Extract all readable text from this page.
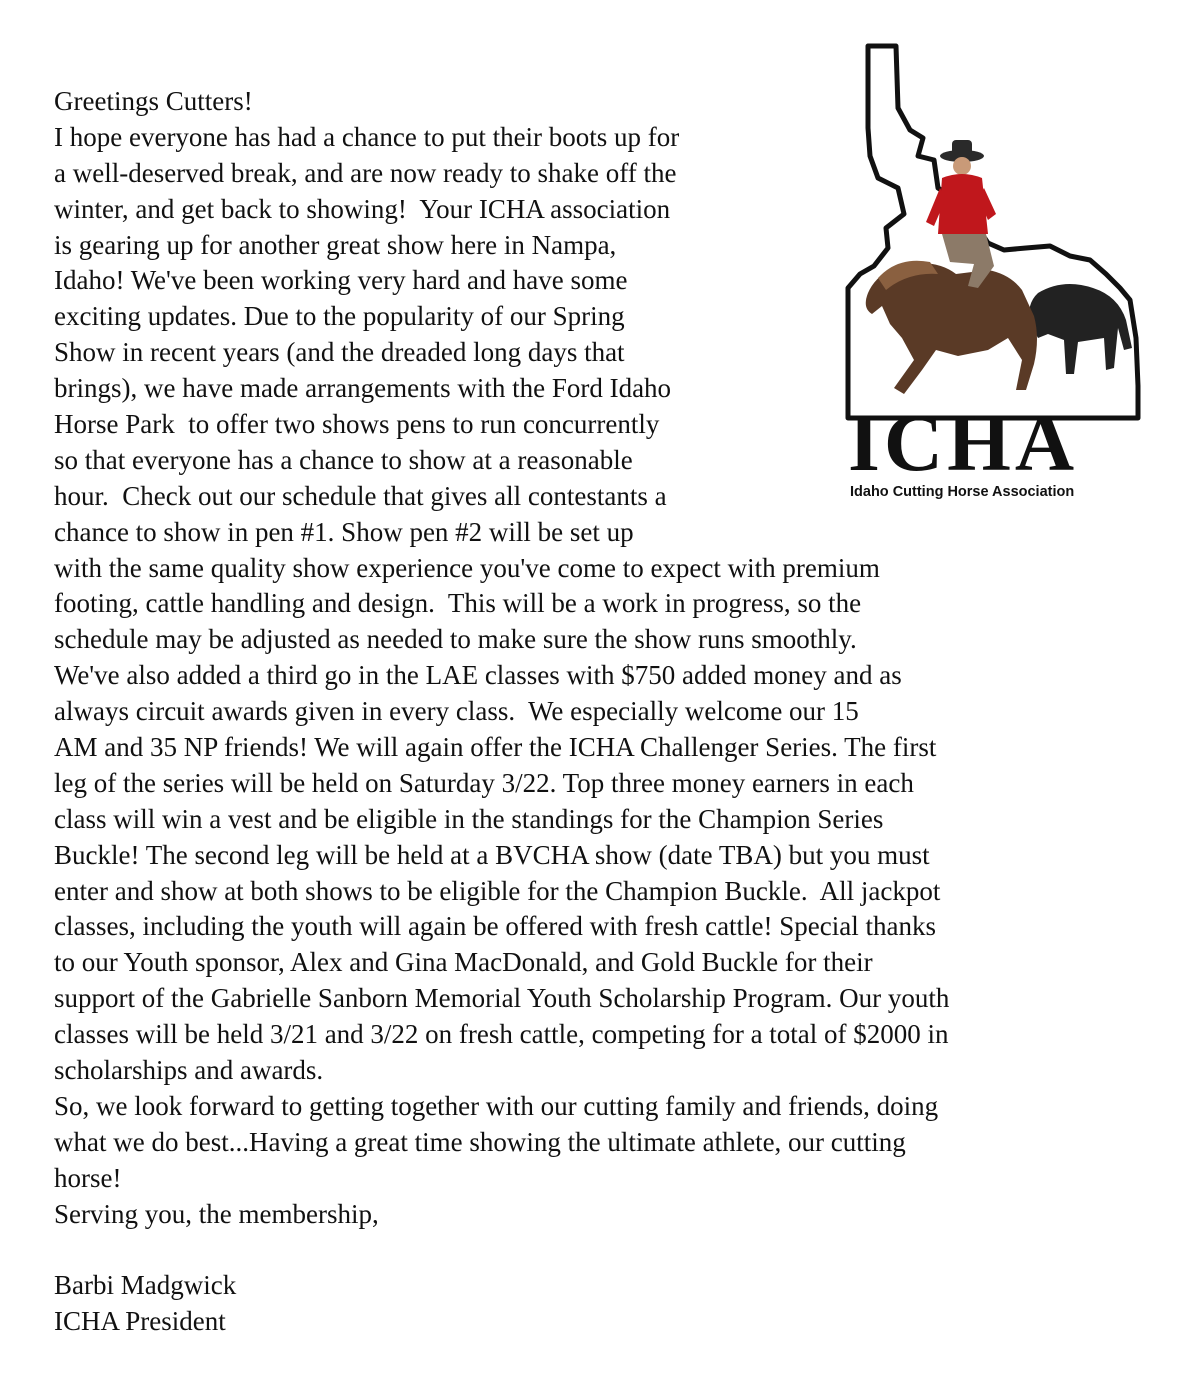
ICHA
Idaho Cutting Horse Association
Greetings Cutters!
I hope everyone has had a chance to put their boots up for
a well-deserved break, and are now ready to shake off the
winter, and get back to showing!  Your ICHA association
is gearing up for another great show here in Nampa,
Idaho! We've been working very hard and have some
exciting updates. Due to the popularity of our Spring
Show in recent years (and the dreaded long days that
brings), we have made arrangements with the Ford Idaho
Horse Park  to offer two shows pens to run concurrently
so that everyone has a chance to show at a reasonable
hour.  Check out our schedule that gives all contestants a
chance to show in pen #1. Show pen #2 will be set up
with the same quality show experience you've come to expect with premium
footing, cattle handling and design.  This will be a work in progress, so the
schedule may be adjusted as needed to make sure the show runs smoothly.
We've also added a third go in the LAE classes with $750 added money and as
always circuit awards given in every class.  We especially welcome our 15
AM and 35 NP friends! We will again offer the ICHA Challenger Series. The first
leg of the series will be held on Saturday 3/22. Top three money earners in each
class will win a vest and be eligible in the standings for the Champion Series
Buckle! The second leg will be held at a BVCHA show (date TBA) but you must
enter and show at both shows to be eligible for the Champion Buckle.  All jackpot
classes, including the youth will again be offered with fresh cattle! Special thanks
to our Youth sponsor, Alex and Gina MacDonald, and Gold Buckle for their
support of the Gabrielle Sanborn Memorial Youth Scholarship Program. Our youth
classes will be held 3/21 and 3/22 on fresh cattle, competing for a total of $2000 in
scholarships and awards.
So, we look forward to getting together with our cutting family and friends, doing
what we do best...Having a great time showing the ultimate athlete, our cutting
horse!
Serving you, the membership,
Barbi Madgwick
ICHA President
